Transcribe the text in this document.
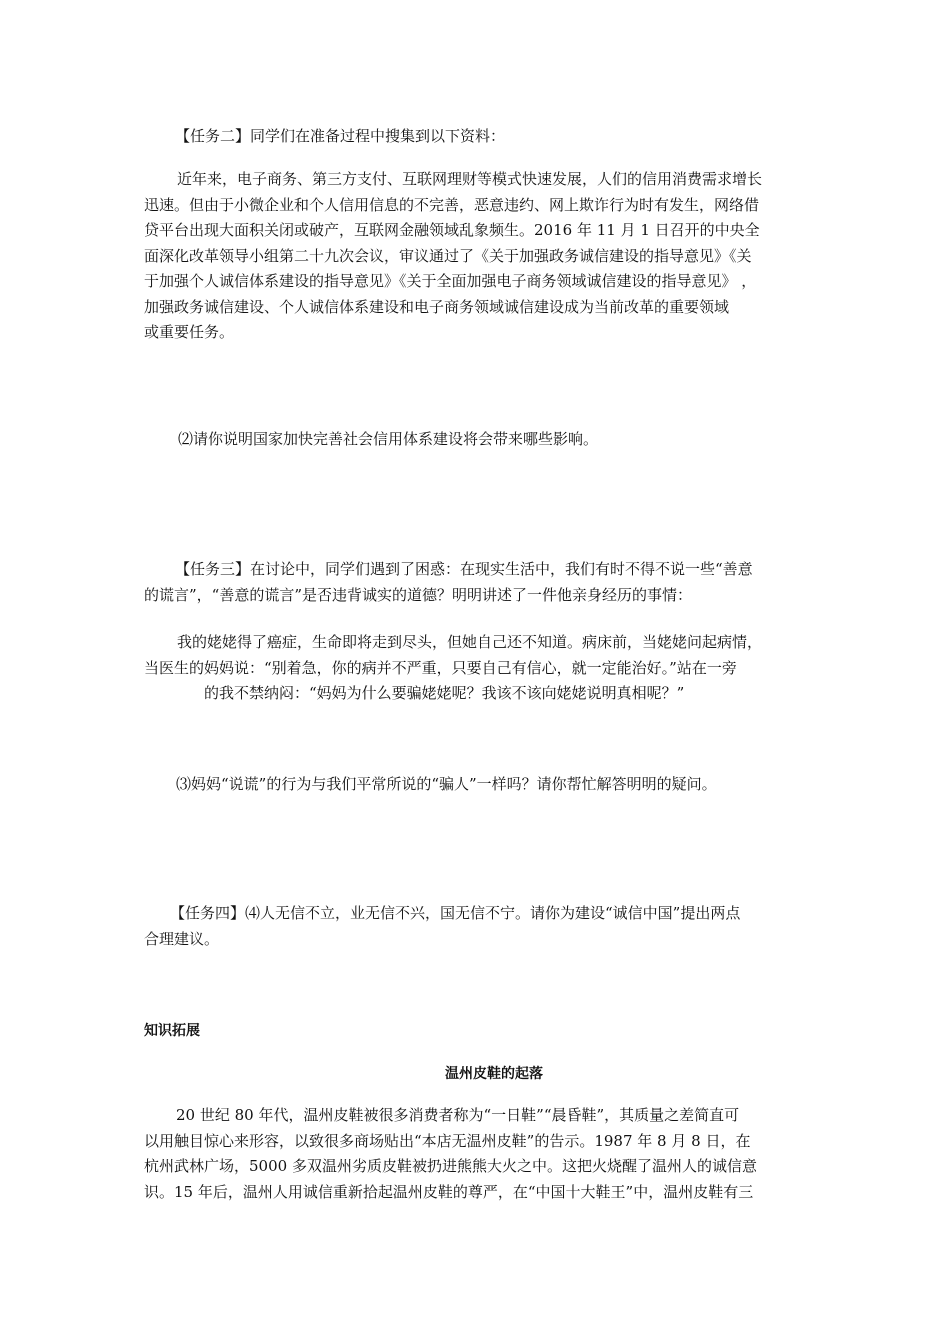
【任务二】同学们在准备过程中搜集到以下资料：

近年来，电子商务、第三方支付、互联网理财等模式快速发展，人们的信用消费需求增长
迅速。但由于小微企业和个人信用信息的不完善，恶意违约、网上欺诈行为时有发生，网络借
贷平台出现大面积关闭或破产，互联网金融领域乱象频生。2016 年 11 月 1 日召开的中央全
面深化改革领导小组第二十九次会议，审议通过了《关于加强政务诚信建设的指导意见》《关
于加强个人诚信体系建设的指导意见》《关于全面加强电子商务领域诚信建设的指导意见》 ，
加强政务诚信建设、个人诚信体系建设和电子商务领域诚信建设成为当前改革的重要领域
或重要任务。

⑵请你说明国家加快完善社会信用体系建设将会带来哪些影响。

【任务三】在讨论中，同学们遇到了困惑：在现实生活中，我们有时不得不说一些“善意
的谎言”，“善意的谎言”是否违背诚实的道德？明明讲述了一件他亲身经历的事情：
我的姥姥得了癌症，生命即将走到尽头，但她自己还不知道。病床前，当姥姥问起病情，
当医生的妈妈说：“别着急，你的病并不严重，只要自己有信心，就一定能治好。”站在一旁
的我不禁纳闷：“妈妈为什么要骗姥姥呢？我该不该向姥姥说明真相呢？”

⑶妈妈“说谎”的行为与我们平常所说的“骗人”一样吗？请你帮忙解答明明的疑问。

【任务四】⑷人无信不立，业无信不兴，国无信不宁。请你为建设“诚信中国”提出两点
合理建议。

知识拓展

温州皮鞋的起落

20 世纪 80 年代，温州皮鞋被很多消费者称为“一日鞋”“晨昏鞋”，其质量之差简直可
以用触目惊心来形容，以致很多商场贴出“本店无温州皮鞋”的告示。1987 年 8 月 8 日，在
杭州武林广场，5000 多双温州劣质皮鞋被扔进熊熊大火之中。这把火烧醒了温州人的诚信意
识。15 年后，温州人用诚信重新拾起温州皮鞋的尊严，在“中国十大鞋王”中，温州皮鞋有三
